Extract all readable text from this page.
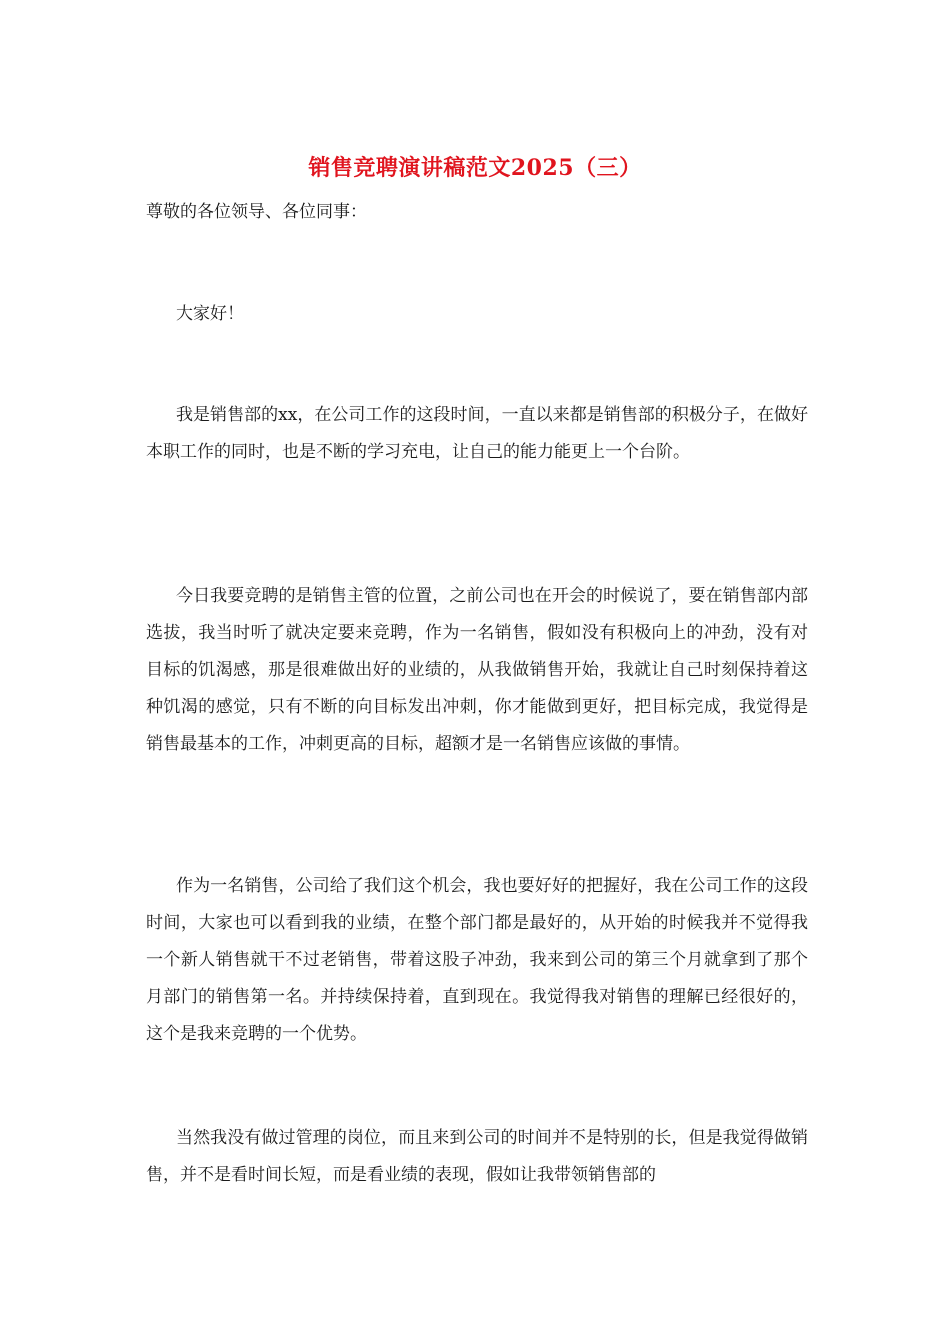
销售竞聘演讲稿范文2025（三）
尊敬的各位领导、各位同事：

大家好！

我是销售部的xx，在公司工作的这段时间，一直以来都是销售部的积极分子，在做好本职工作的同时，也是不断的学习充电，让自己的能力能更上一个台阶。

今日我要竞聘的是销售主管的位置，之前公司也在开会的时候说了，要在销售部内部选拔，我当时听了就决定要来竞聘，作为一名销售，假如没有积极向上的冲劲，没有对目标的饥渴感，那是很难做出好的业绩的，从我做销售开始，我就让自己时刻保持着这种饥渴的感觉，只有不断的向目标发出冲刺，你才能做到更好，把目标完成，我觉得是销售最基本的工作，冲刺更高的目标，超额才是一名销售应该做的事情。

作为一名销售，公司给了我们这个机会，我也要好好的把握好，我在公司工作的这段时间，大家也可以看到我的业绩，在整个部门都是最好的，从开始的时候我并不觉得我一个新人销售就干不过老销售，带着这股子冲劲，我来到公司的第三个月就拿到了那个月部门的销售第一名。并持续保持着，直到现在。我觉得我对销售的理解已经很好的，这个是我来竞聘的一个优势。

当然我没有做过管理的岗位，而且来到公司的时间并不是特别的长，但是我觉得做销售，并不是看时间长短，而是看业绩的表现，假如让我带领销售部的
